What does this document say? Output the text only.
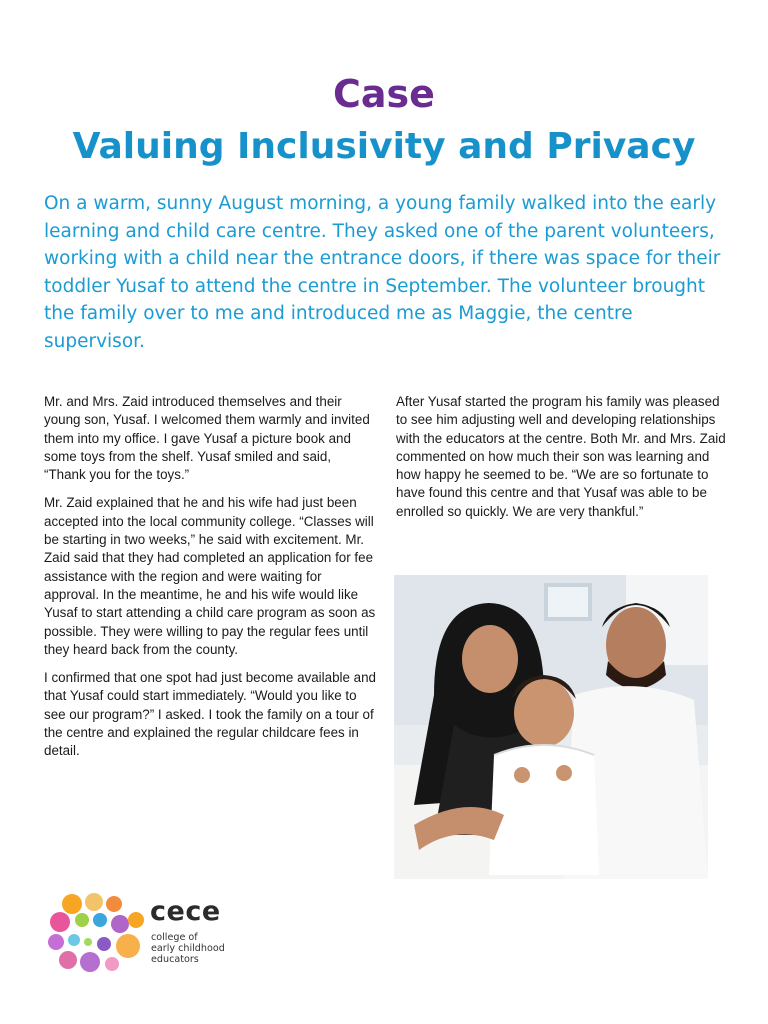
Case
Valuing Inclusivity and Privacy
On a warm, sunny August morning, a young family walked into the early learning and child care centre. They asked one of the parent volunteers, working with a child near the entrance doors, if there was space for their toddler Yusaf to attend the centre in September. The volunteer brought the family over to me and introduced me as Maggie, the centre supervisor.

Mr. and Mrs. Zaid introduced themselves and their young son, Yusaf. I welcomed them warmly and invited them into my office. I gave Yusaf a picture book and some toys from the shelf. Yusaf smiled and said, “Thank you for the toys.”

Mr. Zaid explained that he and his wife had just been accepted into the local community college. “Classes will be starting in two weeks,” he said with excitement. Mr. Zaid said that they had completed an application for fee assistance with the region and were waiting for approval. In the meantime, he and his wife would like Yusaf to start attending a child care program as soon as possible. They were willing to pay the regular fees until they heard back from the county.

I confirmed that one spot had just become available and that Yusaf could start immediately. “Would you like to see our program?” I asked. I took the family on a tour of the centre and explained the regular childcare fees in detail.

After Yusaf started the program his family was pleased to see him adjusting well and developing relationships with the educators at the centre. Both Mr. and Mrs. Zaid commented on how much their son was learning and how happy he seemed to be. “We are so fortunate to have found this centre and that Yusaf was able to be enrolled so quickly. We are very thankful.”

cece
college of
early childhood
educators
